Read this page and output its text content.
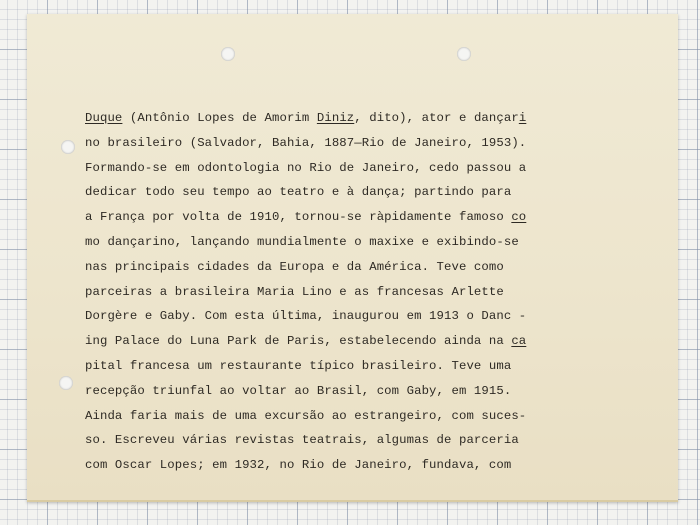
Duque (Antônio Lopes de Amorim Diniz, dito), ator e dançari
no brasileiro (Salvador, Bahia, 1887—Rio de Janeiro, 1953).
Formando-se em odontologia no Rio de Janeiro, cedo passou a
dedicar todo seu tempo ao teatro e à dança; partindo para
a França por volta de 1910, tornou-se ràpidamente famoso co
mo dançarino, lançando mundialmente o maxixe e exibindo-se
nas principais cidades da Europa e da América. Teve como
parceiras a brasileira Maria Lino e as francesas Arlette
Dorgère e Gaby. Com esta última, inaugurou em 1913 o Danc -
ing Palace do Luna Park de Paris, estabelecendo ainda na ca
pital francesa um restaurante típico brasileiro. Teve uma
recepção triunfal ao voltar ao Brasil, com Gaby, em 1915.
Ainda faria mais de uma excursão ao estrangeiro, com suces-
so. Escreveu várias revistas teatrais, algumas de parceria
com Oscar Lopes; em 1932, no Rio de Janeiro, fundava, com
